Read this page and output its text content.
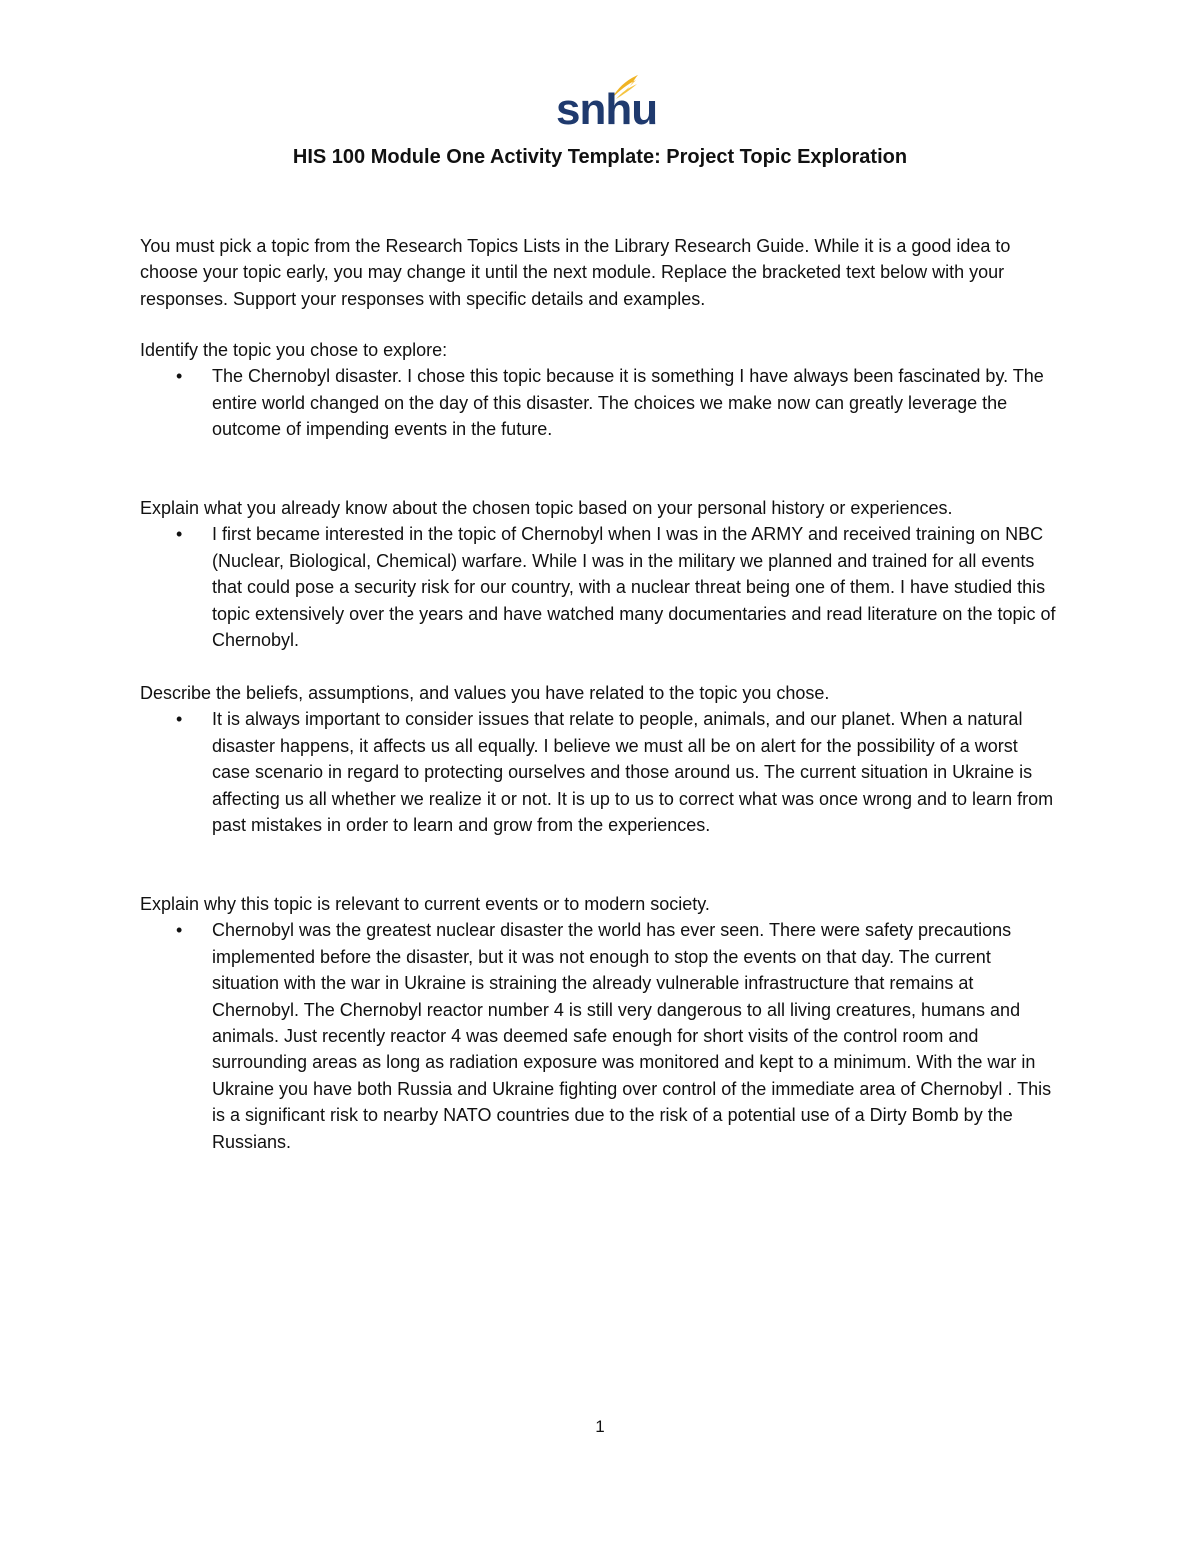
snhu
HIS 100 Module One Activity Template: Project Topic Exploration

You must pick a topic from the Research Topics Lists in the Library Research Guide. While it is a good idea to choose your topic early, you may change it until the next module. Replace the bracketed text below with your responses. Support your responses with specific details and examples.

Identify the topic you chose to explore:

• The Chernobyl disaster. I chose this topic because it is something I have always been fascinated by. The entire world changed on the day of this disaster. The choices we make now can greatly leverage the outcome of impending events in the future.

Explain what you already know about the chosen topic based on your personal history or experiences.

• I first became interested in the topic of Chernobyl when I was in the ARMY and received training on NBC (Nuclear, Biological, Chemical) warfare. While I was in the military we planned and trained for all events that could pose a security risk for our country, with a nuclear threat being one of them. I have studied this topic extensively over the years and have watched many documentaries and read literature on the topic of Chernobyl.

Describe the beliefs, assumptions, and values you have related to the topic you chose.

• It is always important to consider issues that relate to people, animals, and our planet. When a natural disaster happens, it affects us all equally. I believe we must all be on alert for the possibility of a worst case scenario in regard to protecting ourselves and those around us. The current situation in Ukraine is affecting us all whether we realize it or not. It is up to us to correct what was once wrong and to learn from past mistakes in order to learn and grow from the experiences.

Explain why this topic is relevant to current events or to modern society.

• Chernobyl was the greatest nuclear disaster the world has ever seen. There were safety precautions implemented before the disaster, but it was not enough to stop the events on that day. The current situation with the war in Ukraine is straining the already vulnerable infrastructure that remains at Chernobyl. The Chernobyl reactor number 4 is still very dangerous to all living creatures, humans and animals. Just recently reactor 4 was deemed safe enough for short visits of the control room and surrounding areas as long as radiation exposure was monitored and kept to a minimum. With the war in Ukraine you have both Russia and Ukraine fighting over control of the immediate area of Chernobyl . This is a significant risk to nearby NATO countries due to the risk of a potential use of a Dirty Bomb by the Russians.
1
